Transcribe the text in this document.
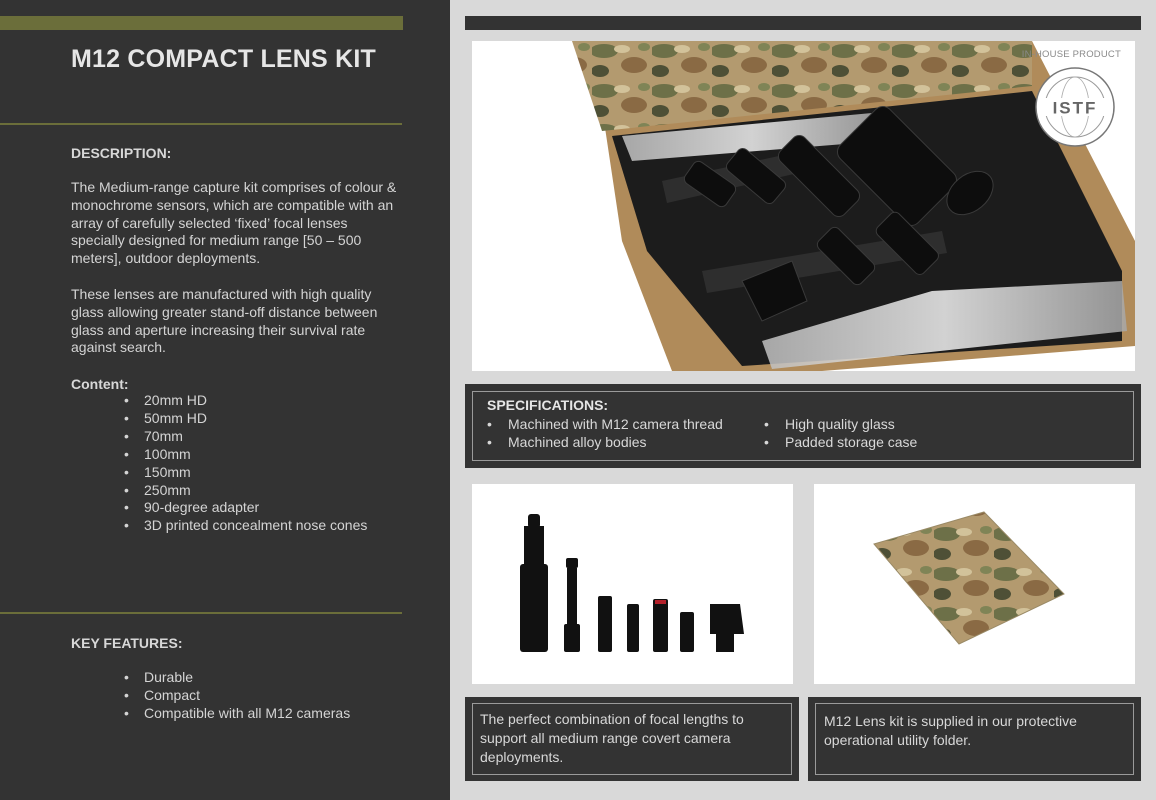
M12 COMPACT LENS KIT
DESCRIPTION:

The Medium-range capture kit comprises of colour & monochrome sensors, which are compatible with an array of carefully selected ‘fixed’ focal lenses specially designed for medium range [50 – 500 meters], outdoor deployments.

These lenses are manufactured with high quality glass allowing greater stand-off distance between glass and aperture increasing their survival rate against search.

Content:
• 20mm HD
• 50mm HD
• 70mm
• 100mm
• 150mm
• 250mm
• 90-degree adapter
• 3D printed concealment nose cones
KEY FEATURES:
• Durable
• Compact
• Compatible with all M12 cameras
IN-HOUSE PRODUCT
ISTF
SPECIFICATIONS:
• Machined with M12 camera thread
• Machined alloy bodies
• High quality glass
• Padded storage case

The perfect combination of focal lengths to support all medium range covert camera deployments.

M12 Lens kit is supplied in our protective operational utility folder.
